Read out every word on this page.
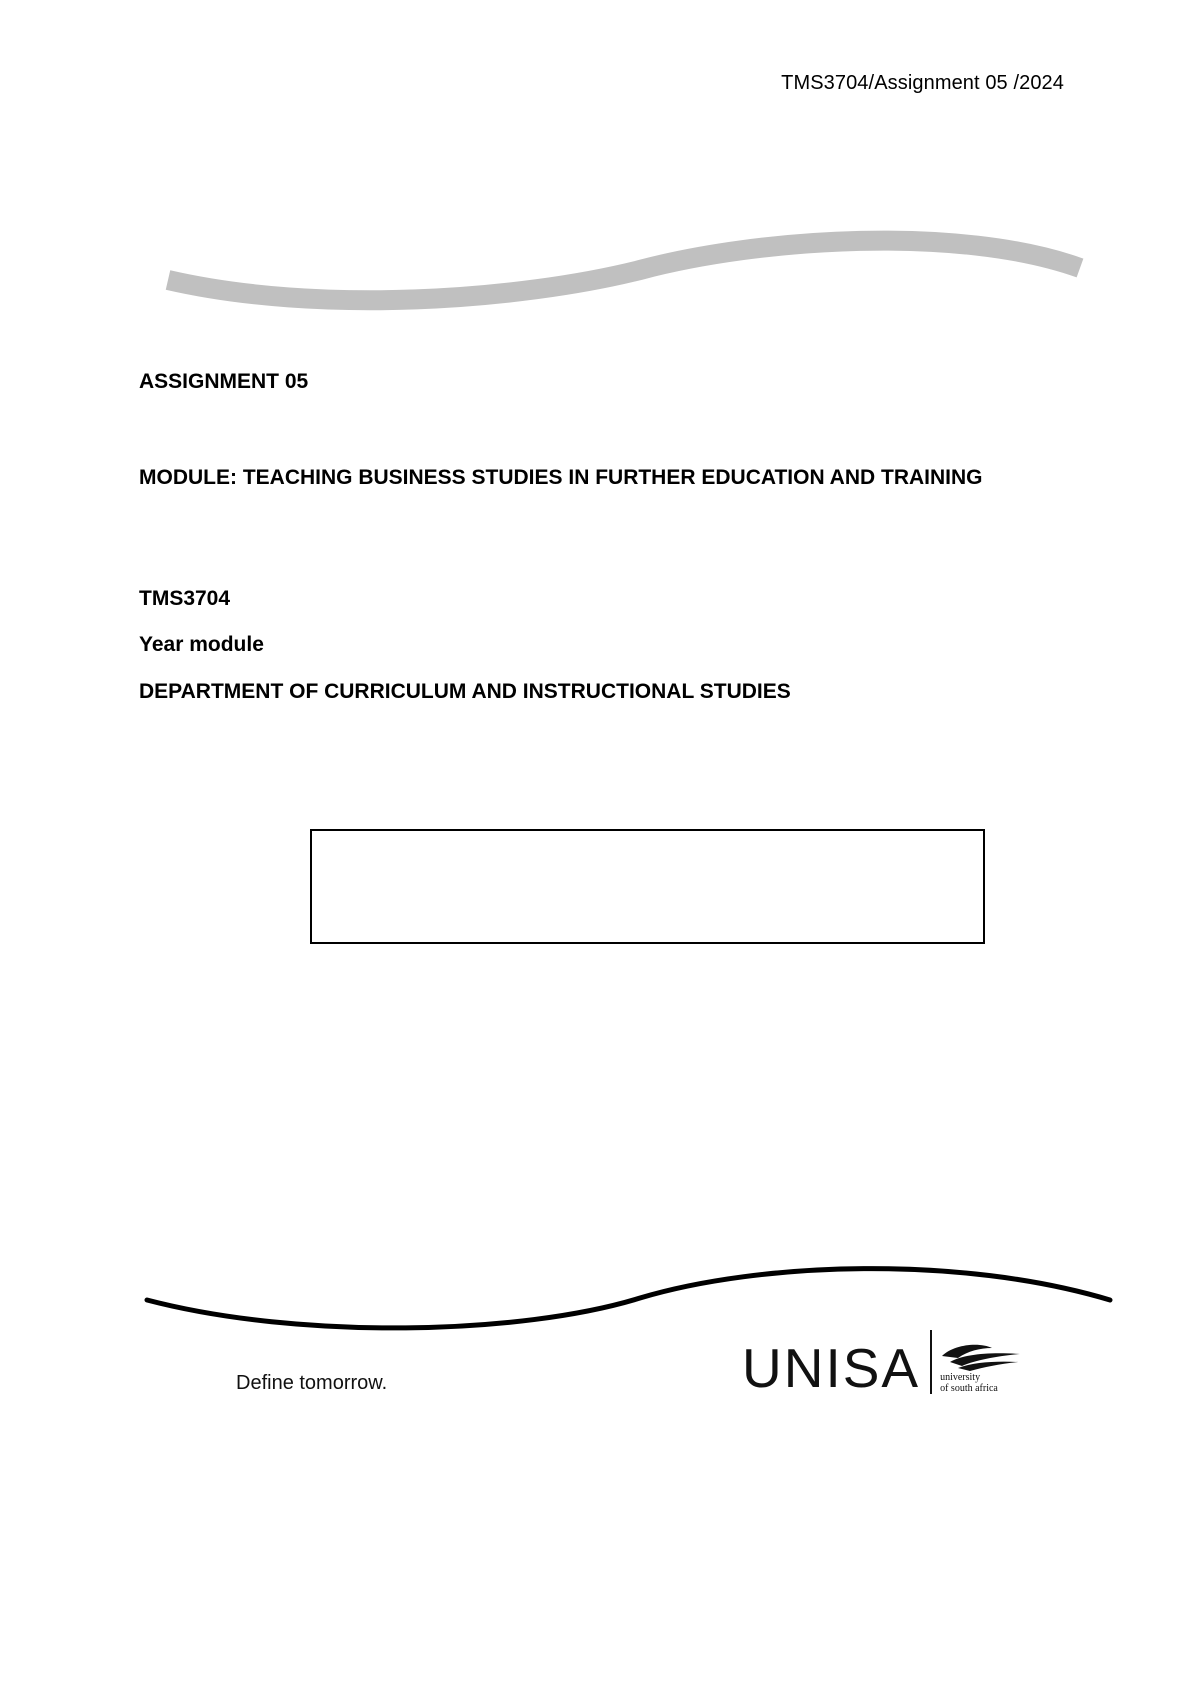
TMS3704/Assignment 05 /2024

ASSIGNMENT 05

MODULE: TEACHING BUSINESS STUDIES IN FURTHER EDUCATION AND TRAINING

TMS3704

Year module

DEPARTMENT OF CURRICULUM AND INSTRUCTIONAL STUDIES

Define tomorrow.	UNISA university
of south africa
